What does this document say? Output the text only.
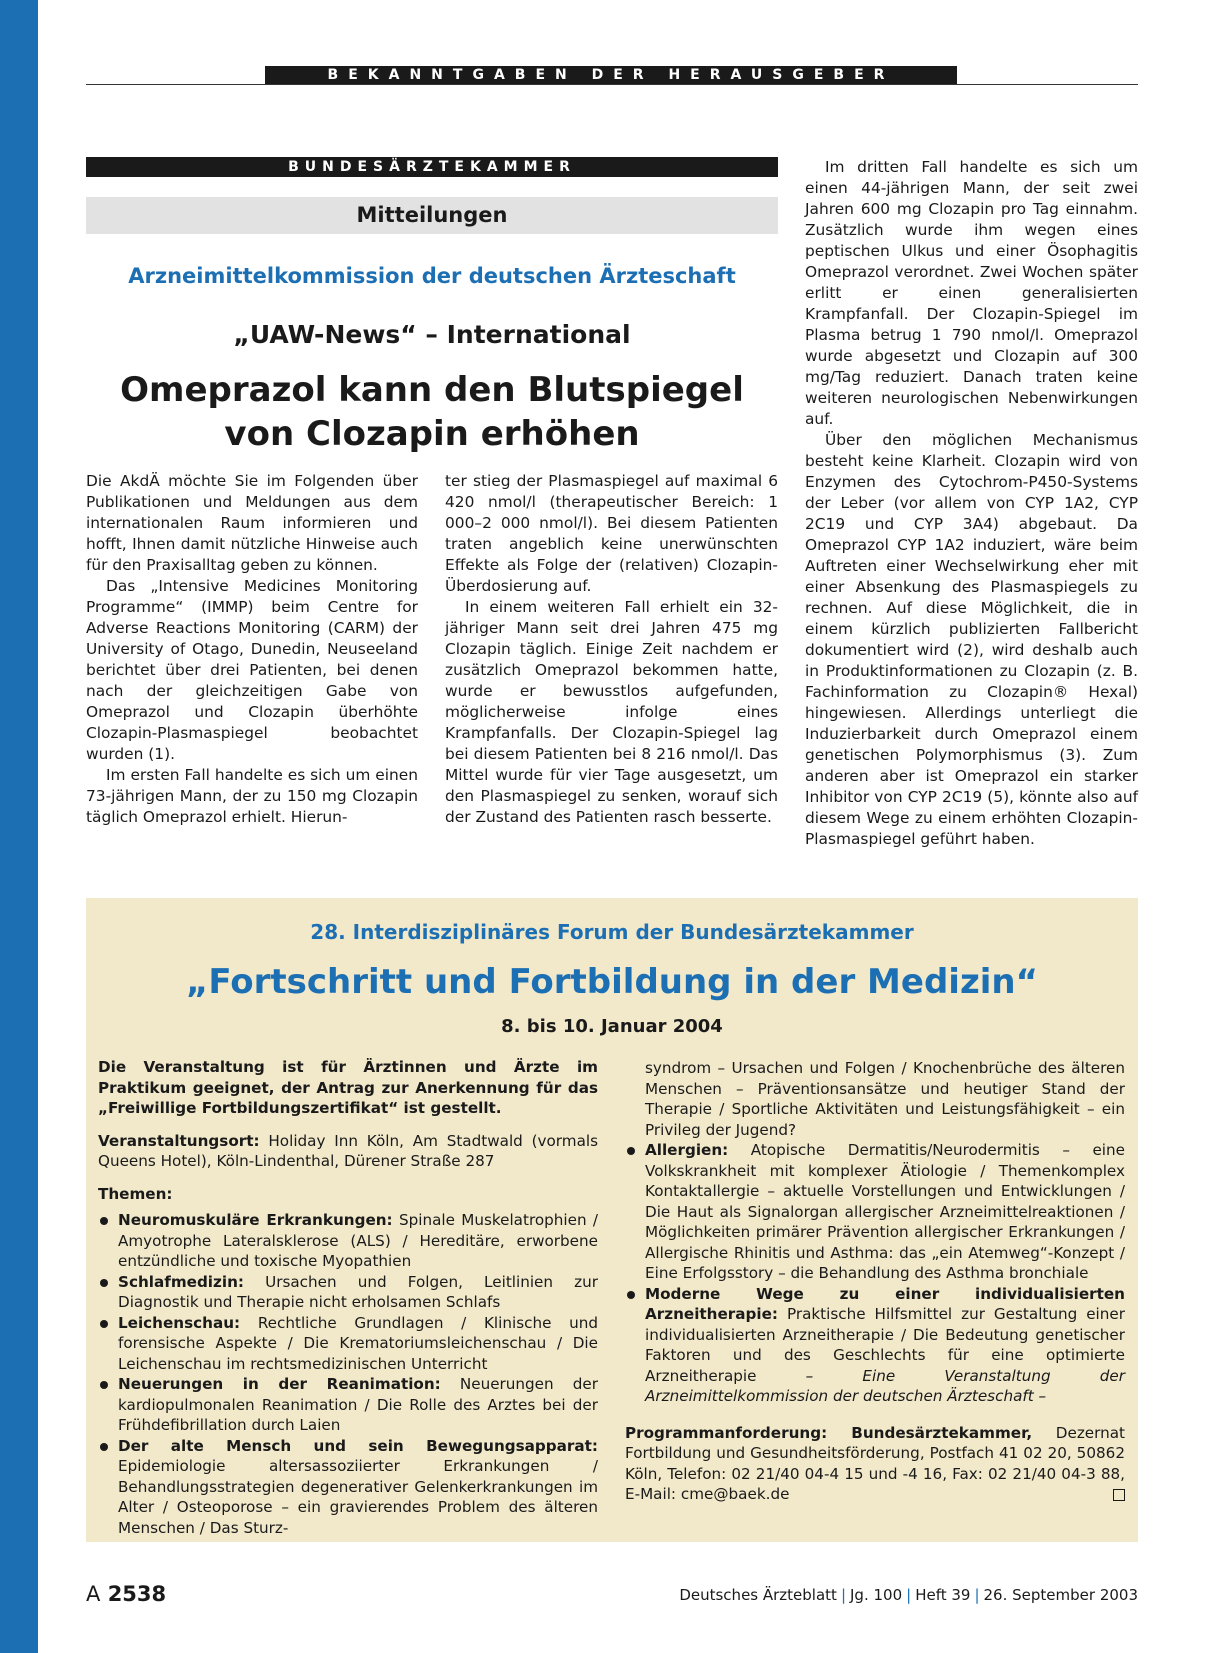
BEKANNTGABEN DER HERAUSGEBER
BUNDESÄRZTEKAMMER
Mitteilungen
Arzneimittelkommission der deutschen Ärzteschaft
„UAW-News“ – International
Omeprazol kann den Blutspiegel
von Clozapin erhöhen

Die AkdÄ möchte Sie im Folgenden über Publikationen und Meldungen aus dem internationalen Raum informieren und hofft, Ihnen damit nützliche Hinweise auch für den Praxisalltag geben zu können.

Das „Intensive Medicines Monitoring Programme“ (IMMP) beim Centre for Adverse Reactions Monitoring (CARM) der University of Otago, Dunedin, Neuseeland berichtet über drei Patienten, bei denen nach der gleichzeitigen Gabe von Omeprazol und Clozapin überhöhte Clozapin-Plasmaspiegel beobachtet wurden (1).

Im ersten Fall handelte es sich um einen 73-jährigen Mann, der zu 150 mg Clozapin täglich Omeprazol erhielt. Hierun-

ter stieg der Plasmaspiegel auf maximal 6 420 nmol/l (therapeutischer Bereich: 1 000–2 000 nmol/l). Bei diesem Patienten traten angeblich keine unerwünschten Effekte als Folge der (relativen) Clozapin-Überdosierung auf.

In einem weiteren Fall erhielt ein 32-jähriger Mann seit drei Jahren 475 mg Clozapin täglich. Einige Zeit nachdem er zusätzlich Omeprazol bekommen hatte, wurde er bewusstlos aufgefunden, möglicherweise infolge eines Krampfanfalls. Der Clozapin-Spiegel lag bei diesem Patienten bei 8 216 nmol/l. Das Mittel wurde für vier Tage ausgesetzt, um den Plasmaspiegel zu senken, worauf sich der Zustand des Patienten rasch besserte.

Im dritten Fall handelte es sich um einen 44-jährigen Mann, der seit zwei Jahren 600 mg Clozapin pro Tag einnahm. Zusätzlich wurde ihm wegen eines peptischen Ulkus und einer Ösophagitis Omeprazol verordnet. Zwei Wochen später erlitt er einen generalisierten Krampfanfall. Der Clozapin-Spiegel im Plasma betrug 1 790 nmol/l. Omeprazol wurde abgesetzt und Clozapin auf 300 mg/Tag reduziert. Danach traten keine weiteren neurologischen Nebenwirkungen auf.

Über den möglichen Mechanismus besteht keine Klarheit. Clozapin wird von Enzymen des Cytochrom-P450-Systems der Leber (vor allem von CYP 1A2, CYP 2C19 und CYP 3A4) abgebaut. Da Omeprazol CYP 1A2 induziert, wäre beim Auftreten einer Wechselwirkung eher mit einer Absenkung des Plasmaspiegels zu rechnen. Auf diese Möglichkeit, die in einem kürzlich publizierten Fallbericht dokumentiert wird (2), wird deshalb auch in Produktinformationen zu Clozapin (z. B. Fachinformation zu Clozapin® Hexal) hingewiesen. Allerdings unterliegt die Induzierbarkeit durch Omeprazol einem genetischen Polymorphismus (3). Zum anderen aber ist Omeprazol ein starker Inhibitor von CYP 2C19 (5), könnte also auf diesem Wege zu einem erhöhten Clozapin-Plasmaspiegel geführt haben.

28. Interdisziplinäres Forum der Bundesärztekammer
„Fortschritt und Fortbildung in der Medizin“
8. bis 10. Januar 2004

Die Veranstaltung ist für Ärztinnen und Ärzte im Praktikum geeignet, der Antrag zur Anerkennung für das „Freiwillige Fortbildungszertifikat“ ist gestellt.

Veranstaltungsort: Holiday Inn Köln, Am Stadtwald (vormals Queens Hotel), Köln-Lindenthal, Dürener Straße 287

Themen:

Neuromuskuläre Erkrankungen: Spinale Muskelatrophien / Amyotrophe Lateralsklerose (ALS) / Hereditäre, erworbene entzündliche und toxische Myopathien
Schlafmedizin: Ursachen und Folgen, Leitlinien zur Diagnostik und Therapie nicht erholsamen Schlafs
Leichenschau: Rechtliche Grundlagen / Klinische und forensische Aspekte / Die Krematoriumsleichenschau / Die Leichenschau im rechtsmedizinischen Unterricht
Neuerungen in der Reanimation: Neuerungen der kardiopulmonalen Reanimation / Die Rolle des Arztes bei der Frühdefibrillation durch Laien
Der alte Mensch und sein Bewegungsapparat: Epidemiologie altersassoziierter Erkrankungen / Behandlungsstrategien degenerativer Gelenkerkrankungen im Alter / Osteoporose – ein gravierendes Problem des älteren Menschen / Das Sturz-

syndrom – Ursachen und Folgen / Knochenbrüche des älteren Menschen – Präventionsansätze und heutiger Stand der Therapie / Sportliche Aktivitäten und Leistungsfähigkeit – ein Privileg der Jugend?

Allergien: Atopische Dermatitis/Neurodermitis – eine Volkskrankheit mit komplexer Ätiologie / Themenkomplex Kontaktallergie – aktuelle Vorstellungen und Entwicklungen / Die Haut als Signalorgan allergischer Arzneimittelreaktionen / Möglichkeiten primärer Prävention allergischer Erkrankungen / Allergische Rhinitis und Asthma: das „ein Atemweg“-Konzept / Eine Erfolgsstory – die Behandlung des Asthma bronchiale
Moderne Wege zu einer individualisierten Arzneitherapie: Praktische Hilfsmittel zur Gestaltung einer individualisierten Arzneitherapie / Die Bedeutung genetischer Faktoren und des Geschlechts für eine optimierte Arzneitherapie	– Eine Veranstaltung der Arzneimittelkommission der deutschen Ärzteschaft –

Programmanforderung: Bundesärztekammer, Dezernat Fortbildung und Gesundheitsförderung, Postfach 41 02 20, 50862 Köln, Telefon: 02 21/40 04-4 15 und -4 16, Fax: 02 21/40 04-3 88, E-Mail: cme@baek.de

A 2538	Deutsches Ärzteblatt | Jg. 100 | Heft 39 | 26. September 2003
